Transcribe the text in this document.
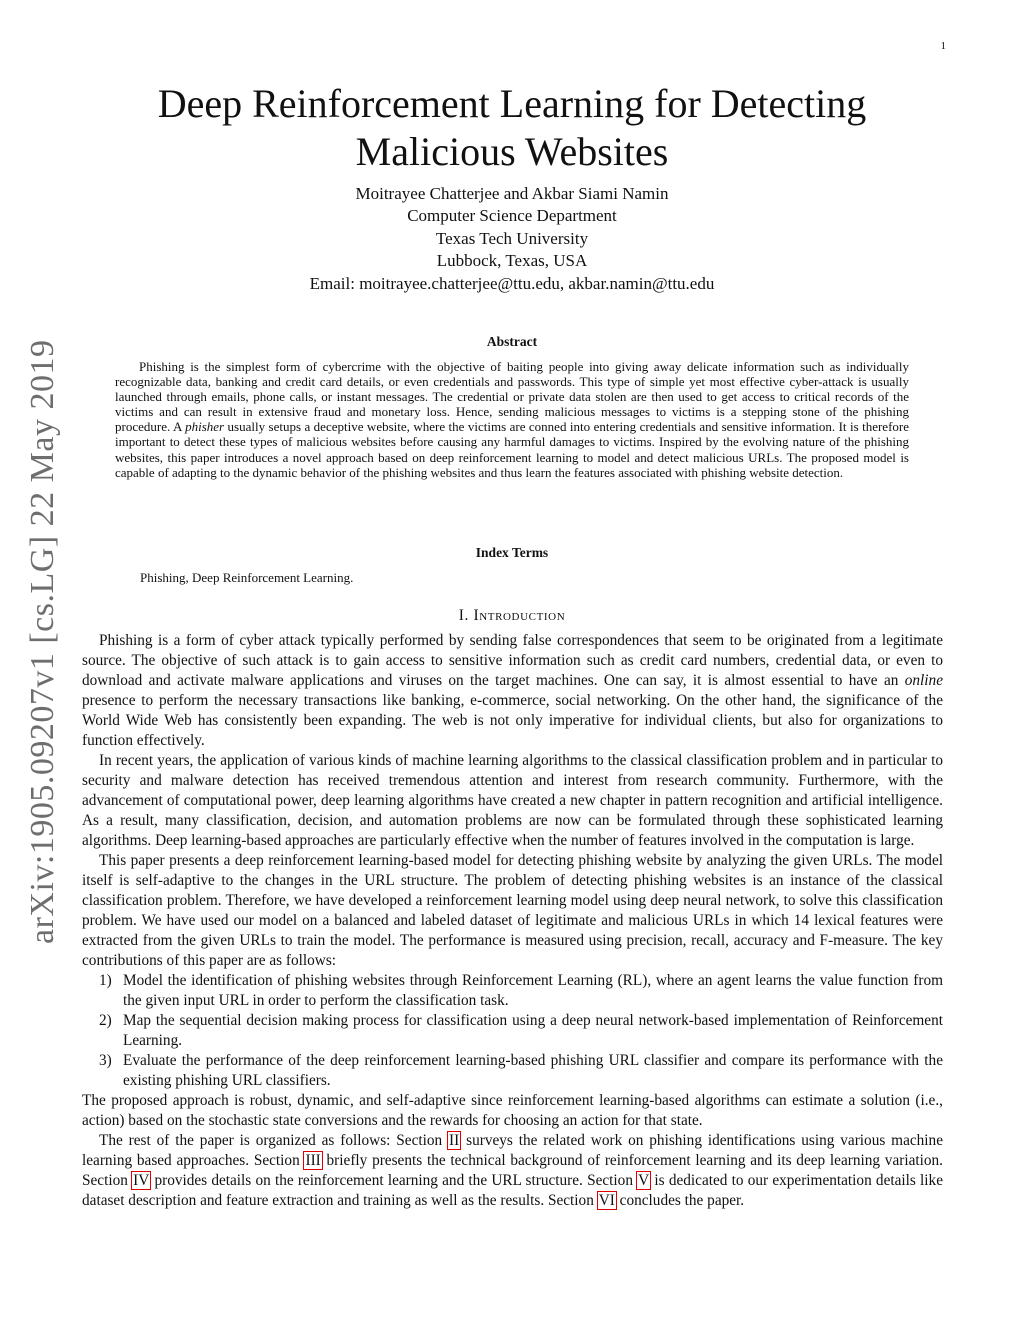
1
arXiv:1905.09207v1 [cs.LG] 22 May 2019
Deep Reinforcement Learning for Detecting
Malicious Websites
Moitrayee Chatterjee and Akbar Siami Namin
Computer Science Department
Texas Tech University
Lubbock, Texas, USA
Email: moitrayee.chatterjee@ttu.edu, akbar.namin@ttu.edu
Abstract
Phishing is the simplest form of cybercrime with the objective of baiting people into giving away delicate information such as individually recognizable data, banking and credit card details, or even credentials and passwords. This type of simple yet most effective cyber-attack is usually launched through emails, phone calls, or instant messages. The credential or private data stolen are then used to get access to critical records of the victims and can result in extensive fraud and monetary loss. Hence, sending malicious messages to victims is a stepping stone of the phishing procedure. A phisher usually setups a deceptive website, where the victims are conned into entering credentials and sensitive information. It is therefore important to detect these types of malicious websites before causing any harmful damages to victims. Inspired by the evolving nature of the phishing websites, this paper introduces a novel approach based on deep reinforcement learning to model and detect malicious URLs. The proposed model is capable of adapting to the dynamic behavior of the phishing websites and thus learn the features associated with phishing website detection.
Index Terms
Phishing, Deep Reinforcement Learning.
I. Introduction

Phishing is a form of cyber attack typically performed by sending false correspondences that seem to be originated from a legitimate source. The objective of such attack is to gain access to sensitive information such as credit card numbers, credential data, or even to download and activate malware applications and viruses on the target machines. One can say, it is almost essential to have an online presence to perform the necessary transactions like banking, e-commerce, social networking. On the other hand, the significance of the World Wide Web has consistently been expanding. The web is not only imperative for individual clients, but also for organizations to function effectively.

In recent years, the application of various kinds of machine learning algorithms to the classical classification problem and in particular to security and malware detection has received tremendous attention and interest from research community. Furthermore, with the advancement of computational power, deep learning algorithms have created a new chapter in pattern recognition and artificial intelligence. As a result, many classification, decision, and automation problems are now can be formulated through these sophisticated learning algorithms. Deep learning-based approaches are particularly effective when the number of features involved in the computation is large.

This paper presents a deep reinforcement learning-based model for detecting phishing website by analyzing the given URLs. The model itself is self-adaptive to the changes in the URL structure. The problem of detecting phishing websites is an instance of the classical classification problem. Therefore, we have developed a reinforcement learning model using deep neural network, to solve this classification problem. We have used our model on a balanced and labeled dataset of legitimate and malicious URLs in which 14 lexical features were extracted from the given URLs to train the model. The performance is measured using precision, recall, accuracy and F-measure. The key contributions of this paper are as follows:

1) Model the identification of phishing websites through Reinforcement Learning (RL), where an agent learns the value function from the given input URL in order to perform the classification task.
2) Map the sequential decision making process for classification using a deep neural network-based implementation of Reinforcement Learning.
3) Evaluate the performance of the deep reinforcement learning-based phishing URL classifier and compare its performance with the existing phishing URL classifiers.

The proposed approach is robust, dynamic, and self-adaptive since reinforcement learning-based algorithms can estimate a solution (i.e., action) based on the stochastic state conversions and the rewards for choosing an action for that state.

The rest of the paper is organized as follows: Section II surveys the related work on phishing identifications using various machine learning based approaches. Section III briefly presents the technical background of reinforcement learning and its deep learning variation. Section IV provides details on the reinforcement learning and the URL structure. Section V is dedicated to our experimentation details like dataset description and feature extraction and training as well as the results. Section VI concludes the paper.
